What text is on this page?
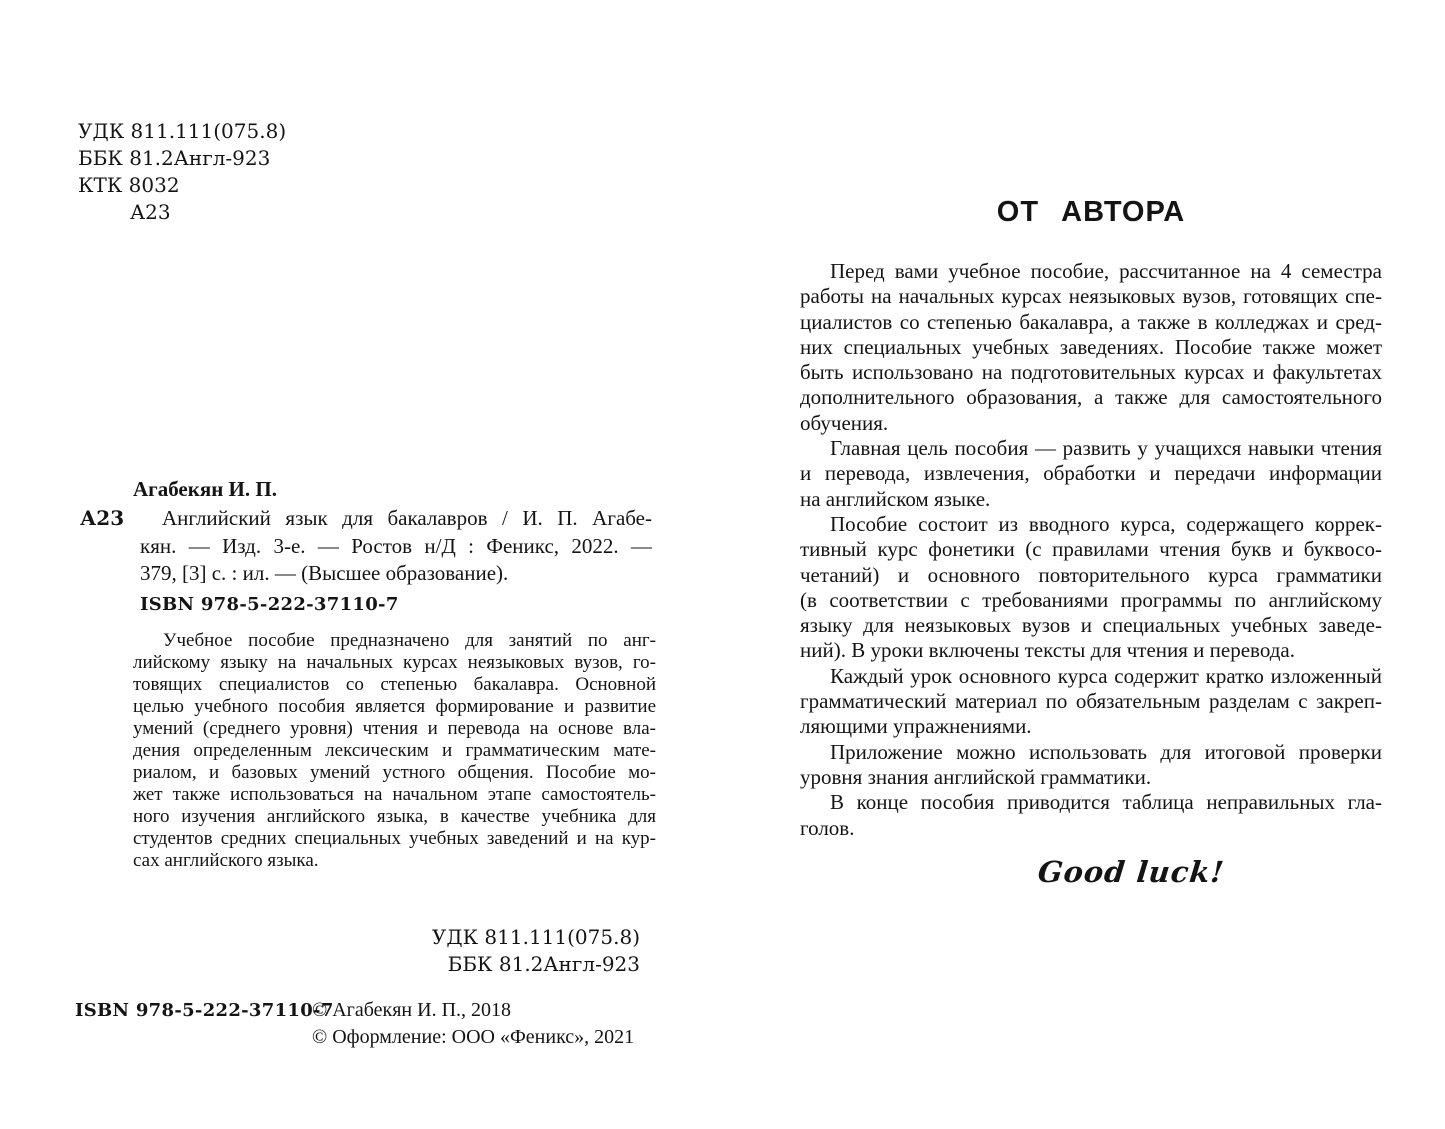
УДК 811.111(075.8)
ББК 81.2Англ-923
КТК 8032
А23
Агабекян И. П.
А23	Английский язык для бакалавров / И. П. Агабе-
кян. — Изд. 3-е. — Ростов н/Д : Феникс, 2022. —
379, [3] с. : ил. — (Высшее образование).
ISBN 978-5-222-37110-7
Учебное пособие предназначено для занятий по анг-
лийскому языку на начальных курсах неязыковых вузов, го-
товящих специалистов со степенью бакалавра. Основной
целью учебного пособия является формирование и развитие
умений (среднего уровня) чтения и перевода на основе вла-
дения определенным лексическим и грамматическим мате-
риалом, и базовых умений устного общения. Пособие мо-
жет также использоваться на начальном этапе самостоятель-
ного изучения английского языка, в качестве учебника для
студентов средних специальных учебных заведений и на кур-
сах английского языка.
УДК 811.111(075.8)
ББК 81.2Англ-923
ISBN 978-5-222-37110-7
© Агабекян И. П., 2018
© Оформление: ООО «Феникс», 2021
ОТ АВТОРА
Перед вами учебное пособие, рассчитанное на 4 семестра
работы на начальных курсах неязыковых вузов, готовящих спе-
циалистов со степенью бакалавра, а также в колледжах и сред-
них специальных учебных заведениях. Пособие также может
быть использовано на подготовительных курсах и факультетах
дополнительного образования, а также для самостоятельного
обучения.
Главная цель пособия — развить у учащихся навыки чтения
и перевода, извлечения, обработки и передачи информации
на английском языке.
Пособие состоит из вводного курса, содержащего коррек-
тивный курс фонетики (с правилами чтения букв и буквосо-
четаний) и основного повторительного курса грамматики
(в соответствии с требованиями программы по английскому
языку для неязыковых вузов и специальных учебных заведе-
ний). В уроки включены тексты для чтения и перевода.
Каждый урок основного курса содержит кратко изложенный
грамматический материал по обязательным разделам с закреп-
ляющими упражнениями.
Приложение можно использовать для итоговой проверки
уровня знания английской грамматики.
В конце пособия приводится таблица неправильных гла-
голов.
Good luck!
